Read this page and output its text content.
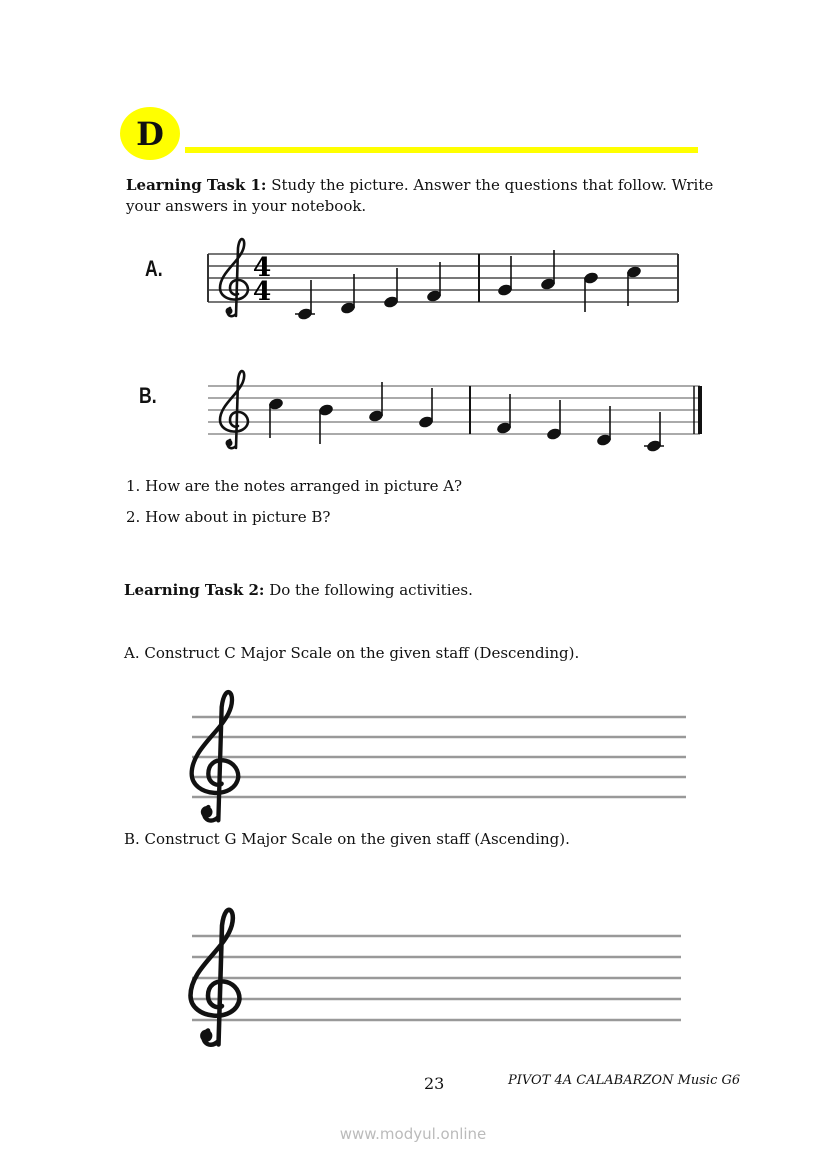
D
Learning Task 1: Study the picture. Answer the questions that follow. Write
your answers in your notebook.
A.
B.
4
4
1. How are the notes arranged in picture A?
2. How about in picture B?
Learning Task 2: Do the following activities.
A. Construct C Major Scale on the given staff (Descending).
B. Construct G Major Scale on the given staff (Ascending).
23	PIVOT 4A CALABARZON Music G6
www.modyul.online
